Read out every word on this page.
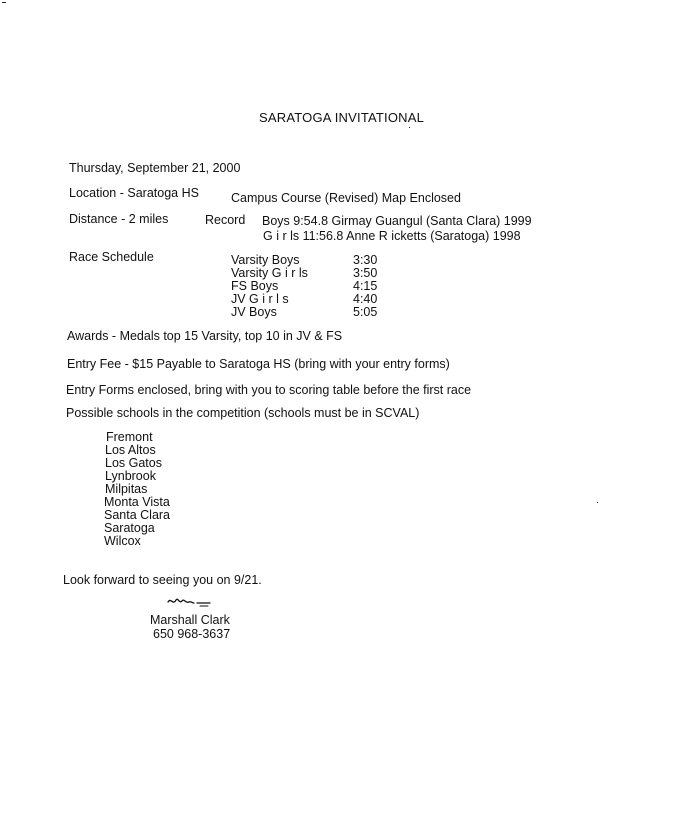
SARATOGA INVITATIONAL
Thursday, September 21, 2000
Location - Saratoga HS	Campus Course (Revised) Map Enclosed
Distance - 2 miles	Record Boys 9:54.8 Girmay Guangul (Santa Clara) 1999
G i r ls 11:56.8 Anne R icketts (Saratoga) 1998
Race Schedule	Varsity Boys	3:30
Varsity G i r ls	3:50
FS Boys	4:15
JV G i r l s	4:40
JV Boys	5:05
Awards - Medals top 15 Varsity, top 10 in JV & FS
Entry Fee - $15 Payable to Saratoga HS (bring with your entry forms)
Entry Forms enclosed, bring with you to scoring table before the first race
Possible schools in the competition (schools must be in SCVAL)
Fremont
Los Altos
Los Gatos
Lynbrook
Milpitas
Monta Vista
Santa Clara
Saratoga
Wilcox
Look forward to seeing you on 9/21.
Marshall Clark
650 968-3637
